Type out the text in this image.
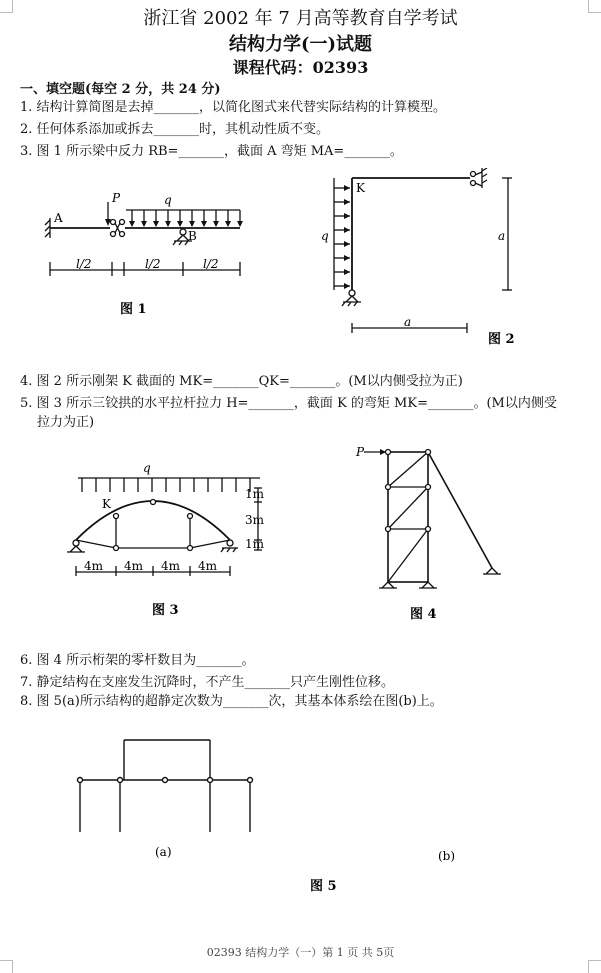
浙江省 2002 年 7 月高等教育自学考试
结构力学(一)试题
课程代码：02393
一、填空题(每空 2 分，共 24 分)
1. 结构计算简图是去掉_______，以简化图式来代替实际结构的计算模型。
2. 任何体系添加或拆去_______时，其机动性质不变。
3. 图 1 所示梁中反力 RB=_______，截面 A 弯矩 MA=_______。
A
P	q
B
l/2	l/2	l/2
图 1
K
q	a
a
图 2
4. 图 2 所示刚架 K 截面的 MK=_______QK=_______。(M以内侧受拉为正)
5. 图 3 所示三铰拱的水平拉杆拉力 H=_______，截面 K 的弯矩 MK=_______。(M以内侧受
拉力为正)
q
K
4m 4m 4m 4m
1m
3m
1m
图 3
P
图 4
6. 图 4 所示桁架的零杆数目为_______。
7. 静定结构在支座发生沉降时，不产生_______只产生刚性位移。
8. 图 5(a)所示结构的超静定次数为_______次，其基本体系绘在图(b)上。
(a)	(b)
图 5
02393 结构力学（一）第 1 页 共 5页
